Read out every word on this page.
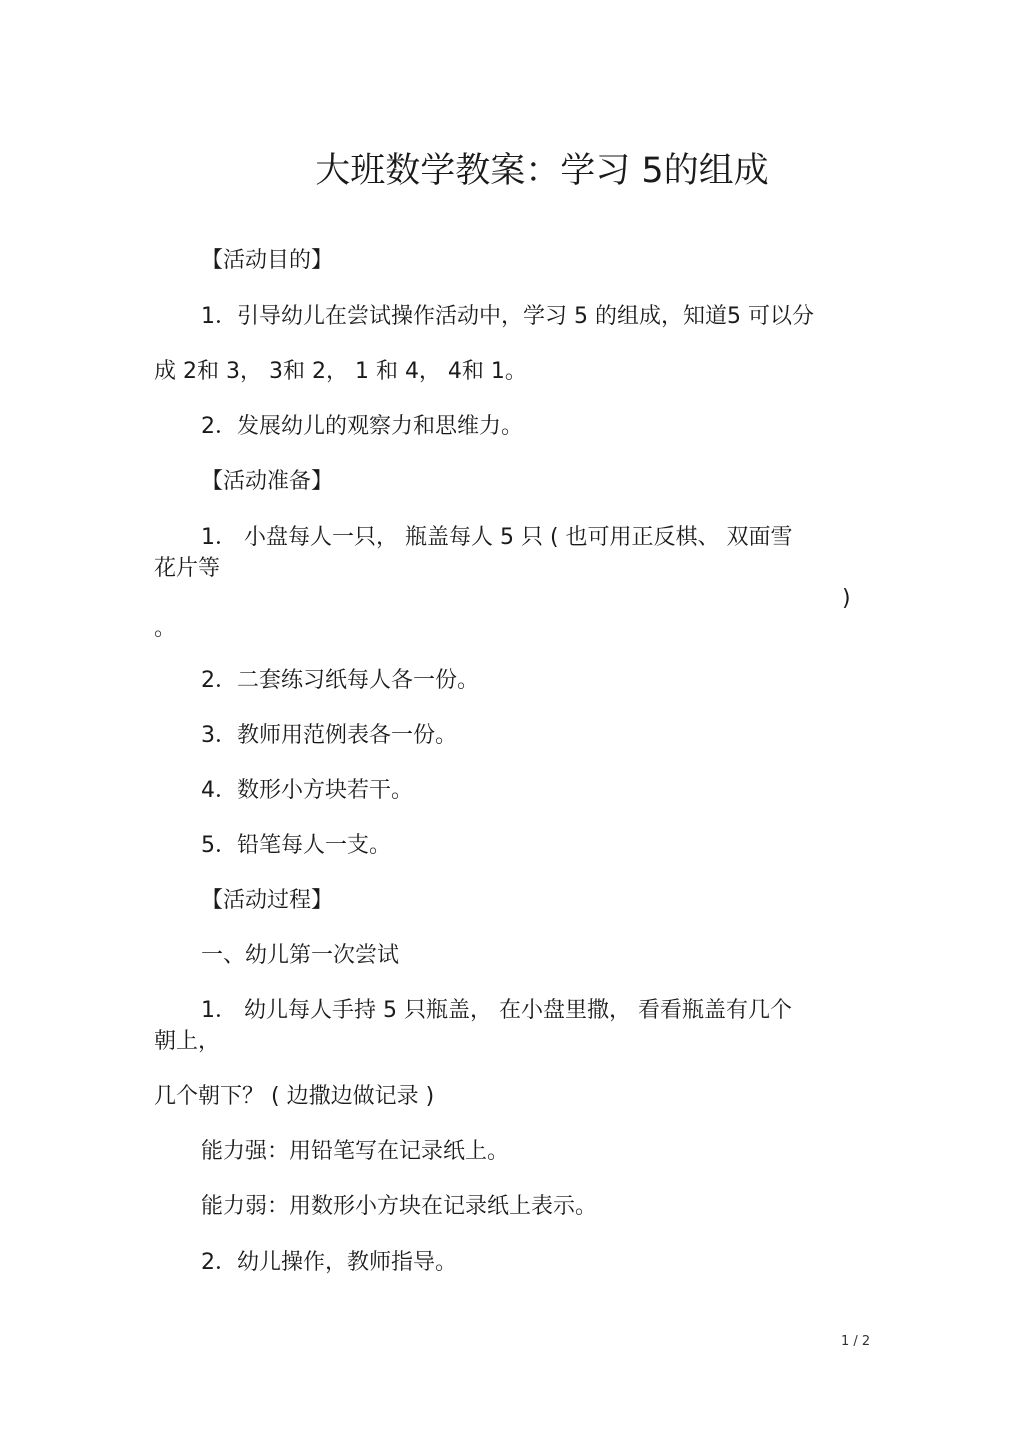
大班数学教案：学习 5的组成
【活动目的】
1．引导幼儿在尝试操作活动中，学习 5 的组成，知道5 可以分
成 2和 3， 3和 2， 1 和 4， 4和 1。
2．发展幼儿的观察力和思维力。
【活动准备】
1． 小盘每人一只， 瓶盖每人 5 只 ( 也可用正反棋、 双面雪
花片等
)
。
2．二套练习纸每人各一份。
3．教师用范例表各一份。
4．数形小方块若干。
5．铅笔每人一支。
【活动过程】
一、幼儿第一次尝试
1． 幼儿每人手持 5 只瓶盖， 在小盘里撒， 看看瓶盖有几个
朝上，
几个朝下？ ( 边撒边做记录 )
能力强：用铅笔写在记录纸上。
能力弱：用数形小方块在记录纸上表示。
2．幼儿操作，教师指导。
1 / 2
